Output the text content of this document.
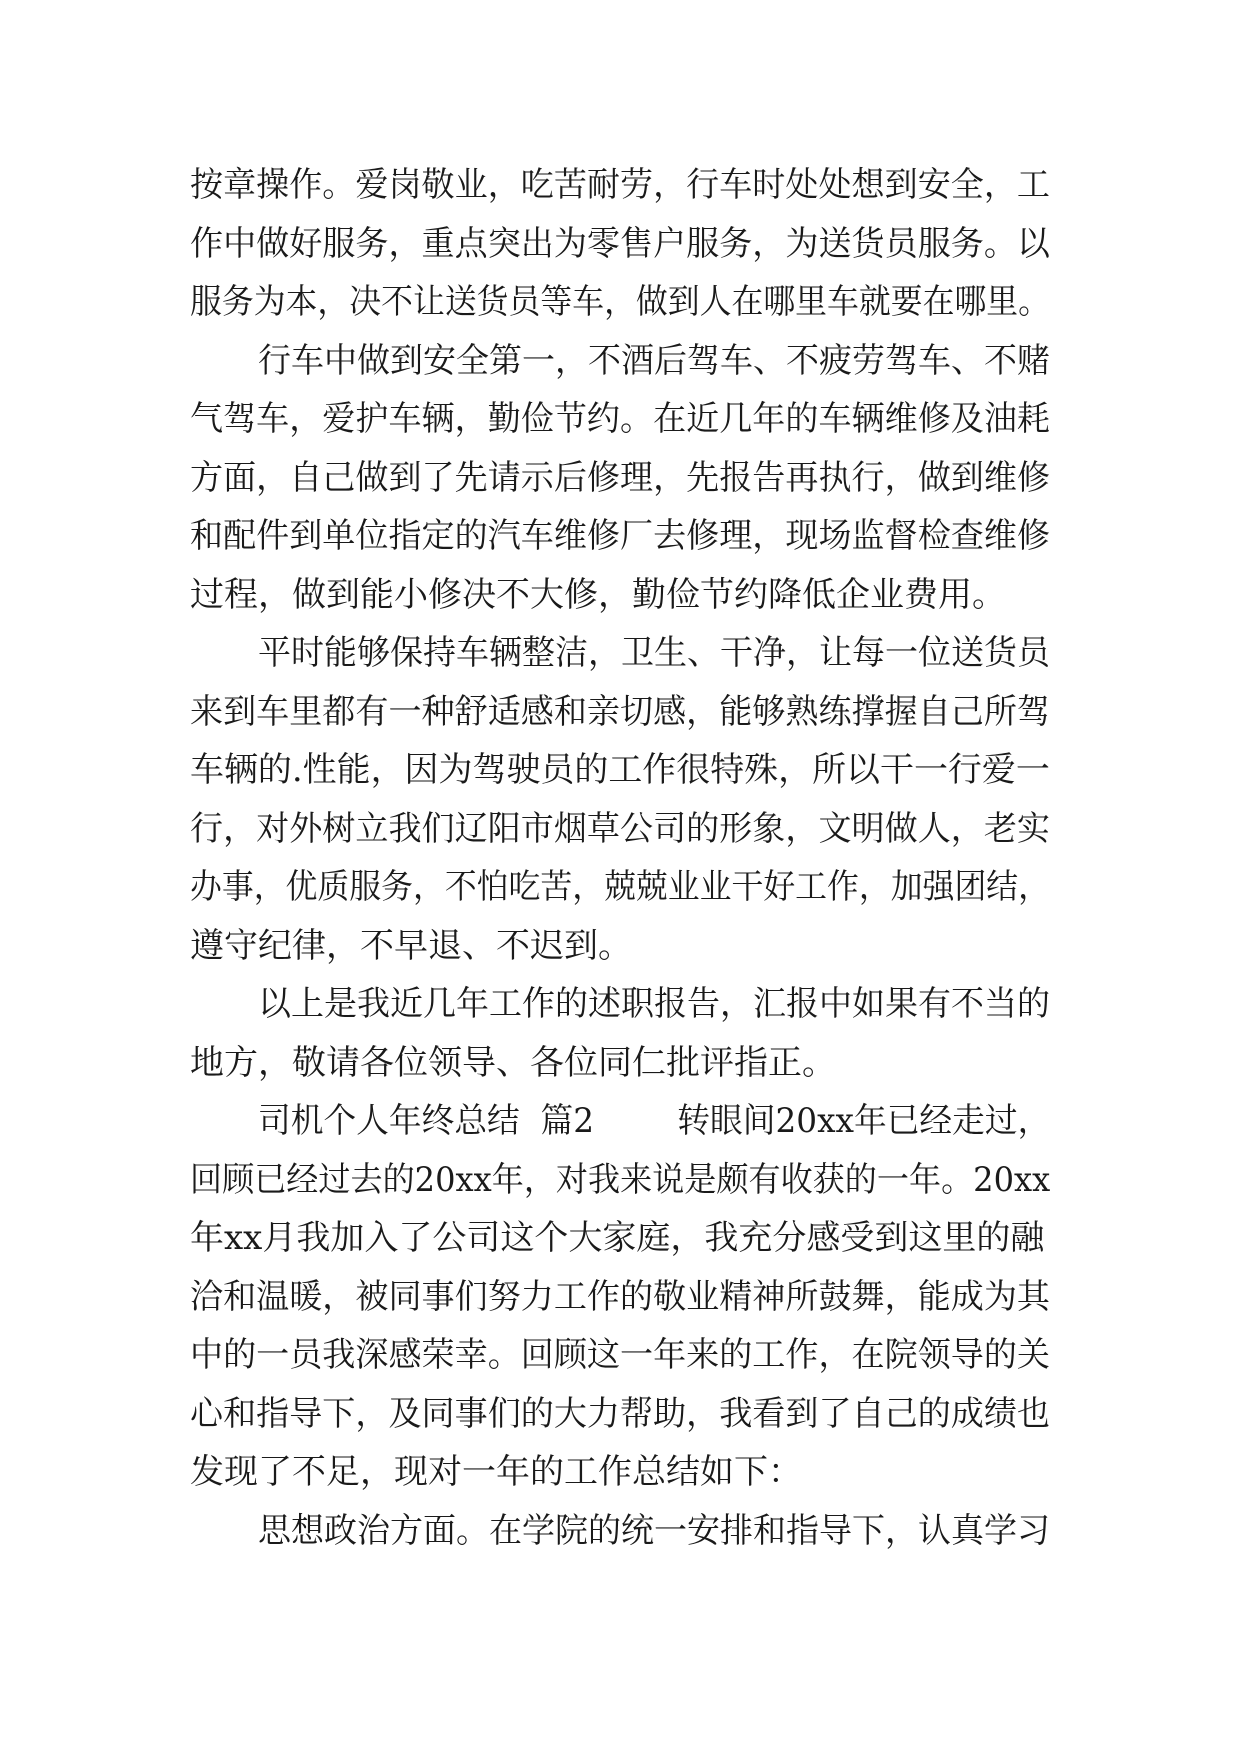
按章操作。爱岗敬业，吃苦耐劳，行车时处处想到安全，工
作中做好服务，重点突出为零售户服务，为送货员服务。以
服务为本，决不让送货员等车，做到人在哪里车就要在哪里。
行车中做到安全第一，不酒后驾车、不疲劳驾车、不赌
气驾车，爱护车辆，勤俭节约。在近几年的车辆维修及油耗
方面，自己做到了先请示后修理，先报告再执行，做到维修
和配件到单位指定的汽车维修厂去修理，现场监督检查维修
过程，做到能小修决不大修，勤俭节约降低企业费用。
平时能够保持车辆整洁，卫生、干净，让每一位送货员
来到车里都有一种舒适感和亲切感，能够熟练撑握自己所驾
车辆的.性能，因为驾驶员的工作很特殊，所以干一行爱一
行，对外树立我们辽阳市烟草公司的形象，文明做人，老实
办事，优质服务，不怕吃苦，兢兢业业干好工作，加强团结，
遵守纪律，不早退、不迟到。
以上是我近几年工作的述职报告，汇报中如果有不当的
地方，敬请各位领导、各位同仁批评指正。
司机个人年终总结  篇2        转眼间20xx年已经走过，
回顾已经过去的20xx年，对我来说是颇有收获的一年。20xx
年xx月我加入了公司这个大家庭，我充分感受到这里的融
洽和温暖，被同事们努力工作的敬业精神所鼓舞，能成为其
中的一员我深感荣幸。回顾这一年来的工作，在院领导的关
心和指导下，及同事们的大力帮助，我看到了自己的成绩也
发现了不足，现对一年的工作总结如下：
思想政治方面。在学院的统一安排和指导下，认真学习
